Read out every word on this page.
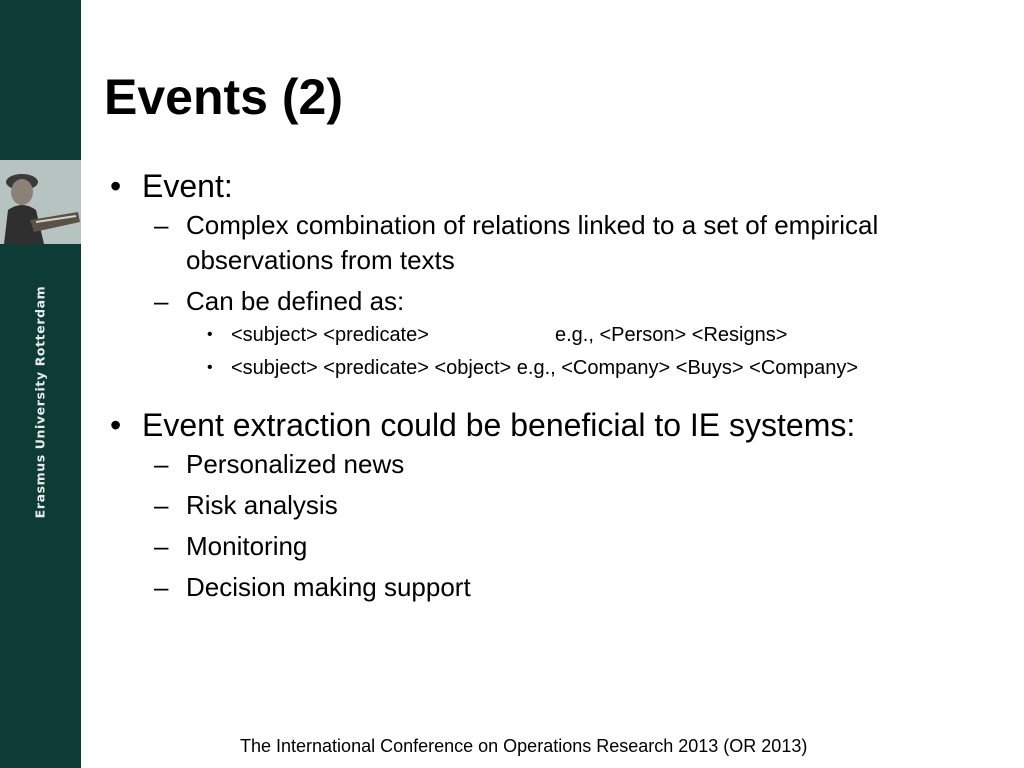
Erasmus University Rotterdam
Events (2)
• Event:
– Complex combination of relations linked to a set of empirical
observations from texts
– Can be defined as:
• <subject> <predicate>	e.g., <Person> <Resigns>
• <subject> <predicate> <object> e.g., <Company> <Buys> <Company>
• Event extraction could be beneficial to IE systems:
– Personalized news
– Risk analysis
– Monitoring
– Decision making support
The International Conference on Operations Research 2013 (OR 2013)
